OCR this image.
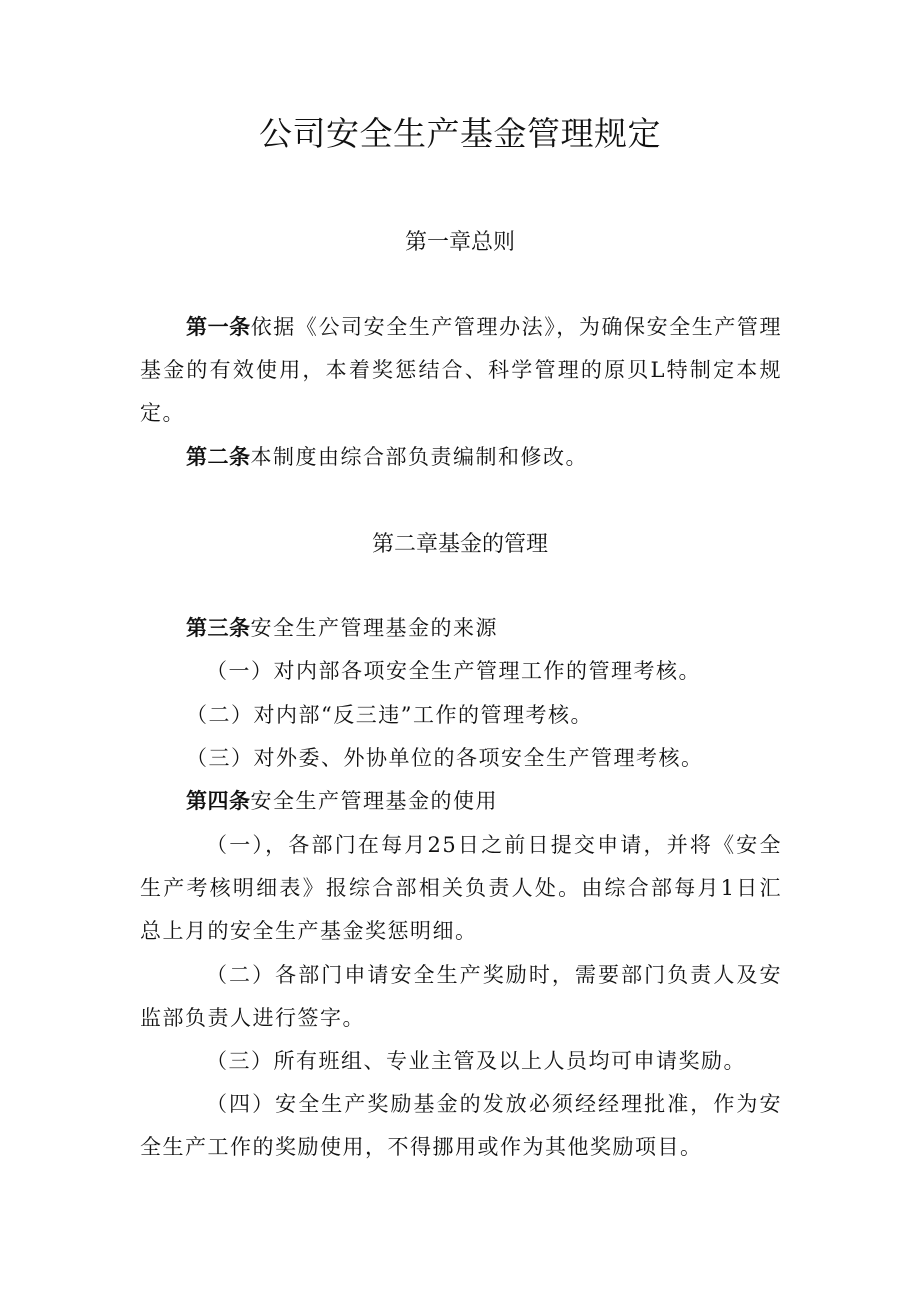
公司安全生产基金管理规定
第一章总则

第一条依据《公司安全生产管理办法》，为确保安全生产管理基金的有效使用，本着奖惩结合、科学管理的原贝L特制定本规定。

第二条本制度由综合部负责编制和修改。

第二章基金的管理

第三条安全生产管理基金的来源

（一）对内部各项安全生产管理工作的管理考核。

（二）对内部“反三违”工作的管理考核。

（三）对外委、外协单位的各项安全生产管理考核。

第四条安全生产管理基金的使用

（一），各部门在每月25日之前日提交申请，并将《安全生产考核明细表》报综合部相关负责人处。由综合部每月1日汇总上月的安全生产基金奖惩明细。

（二）各部门申请安全生产奖励时，需要部门负责人及安监部负责人进行签字。

（三）所有班组、专业主管及以上人员均可申请奖励。

（四）安全生产奖励基金的发放必须经经理批准，作为安全生产工作的奖励使用，不得挪用或作为其他奖励项目。
